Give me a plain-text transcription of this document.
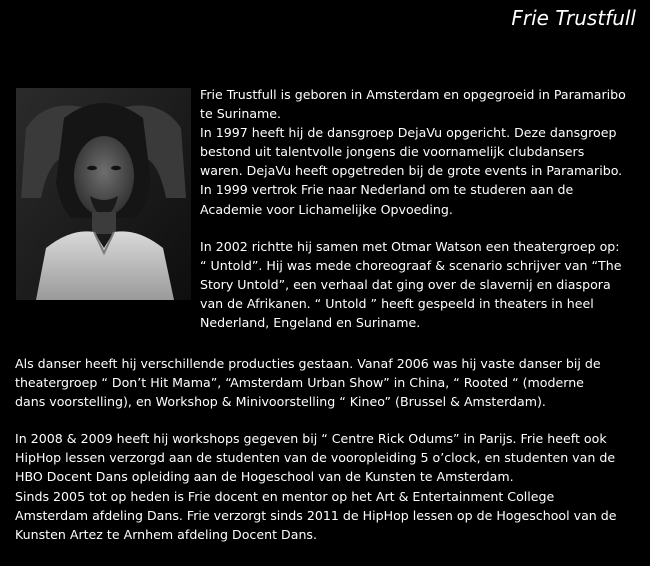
Frie Trustfull

Frie Trustfull is geboren in Amsterdam en opgegroeid in Paramaribo

te Suriname.

In 1997 heeft hij de dansgroep DejaVu opgericht. Deze dansgroep

bestond uit talentvolle jongens die voornamelijk clubdansers

waren. DejaVu heeft opgetreden bij de grote events in Paramaribo.

In 1999 vertrok Frie naar Nederland om te studeren aan de

Academie voor Lichamelijke Opvoeding.

In 2002 richtte hij samen met Otmar Watson een theatergroep op:

“ Untold”. Hij was mede choreograaf & scenario schrijver van “The

Story Untold”, een verhaal dat ging over de slavernij en diaspora

van de Afrikanen. “ Untold ” heeft gespeeld in theaters in heel

Nederland, Engeland en Suriname.

Als danser heeft hij verschillende producties gestaan. Vanaf 2006 was hij vaste danser bij de

theatergroep “ Don’t Hit Mama”, “Amsterdam Urban Show” in China, “ Rooted “ (moderne

dans voorstelling), en Workshop & Minivoorstelling “ Kineo” (Brussel & Amsterdam).

In 2008 & 2009 heeft hij workshops gegeven bij “ Centre Rick Odums” in Parijs. Frie heeft ook

HipHop lessen verzorgd aan de studenten van de vooropleiding 5 o’clock, en studenten van de

HBO Docent Dans opleiding aan de Hogeschool van de Kunsten te Amsterdam.

Sinds 2005 tot op heden is Frie docent en mentor op het Art & Entertainment College

Amsterdam afdeling Dans. Frie verzorgt sinds 2011 de HipHop lessen op de Hogeschool van de

Kunsten Artez te Arnhem afdeling Docent Dans.
